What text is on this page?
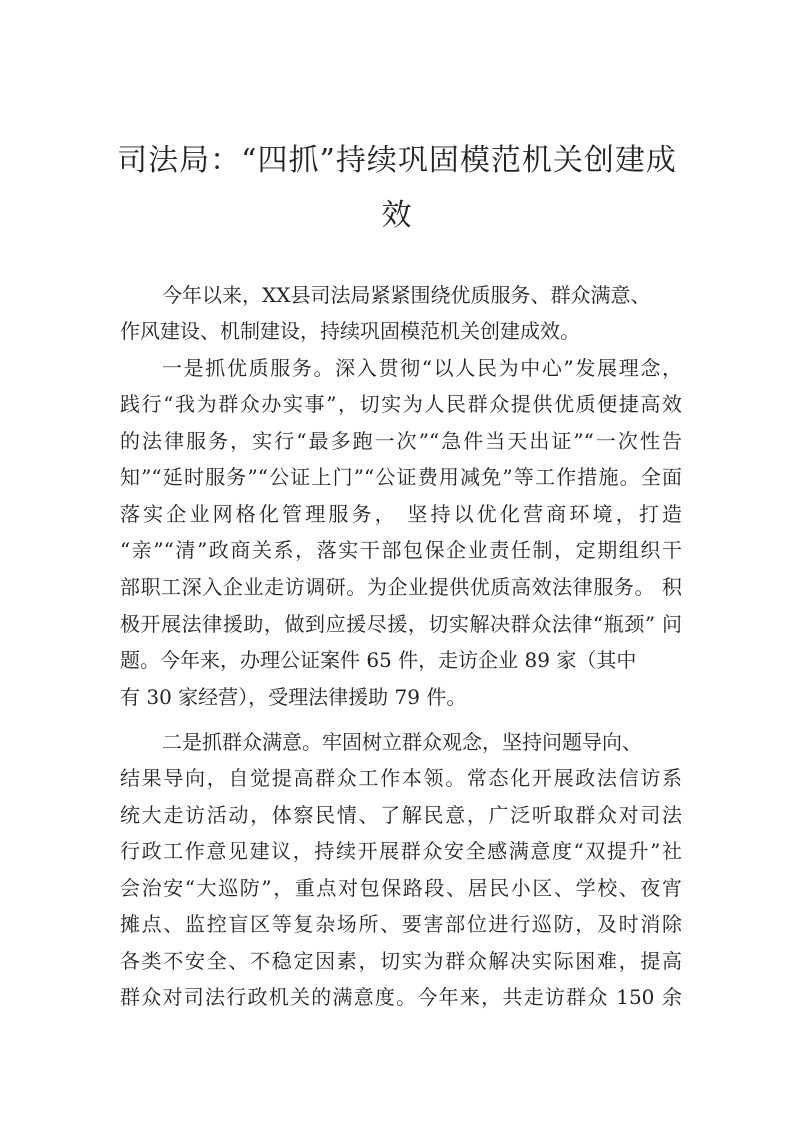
司法局：“四抓”持续巩固模范机关创建成
效
今年以来，XX县司法局紧紧围绕优质服务、群众满意、
作风建设、机制建设，持续巩固模范机关创建成效。
一是抓优质服务。深入贯彻“以人民为中心”发展理念，
践行“我为群众办实事”，切实为人民群众提供优质便捷高效
的法律服务，实行“最多跑一次”“急件当天出证”“一次性告
知”“延时服务”“公证上门”“公证费用减免”等工作措施。全面
落实企业网格化管理服务， 坚持以优化营商环境，打造
“亲”“清”政商关系，落实干部包保企业责任制，定期组织干
部职工深入企业走访调研。为企业提供优质高效法律服务。 积
极开展法律援助，做到应援尽援，切实解决群众法律“瓶颈” 问
题。今年来，办理公证案件 65 件，走访企业 89 家（其中
有 30 家经营），受理法律援助 79 件。
二是抓群众满意。牢固树立群众观念，坚持问题导向、
结果导向，自觉提高群众工作本领。常态化开展政法信访系
统大走访活动，体察民情、了解民意，广泛听取群众对司法
行政工作意见建议，持续开展群众安全感满意度“双提升”社
会治安“大巡防”，重点对包保路段、居民小区、学校、夜宵
摊点、监控盲区等复杂场所、要害部位进行巡防，及时消除
各类不安全、不稳定因素，切实为群众解决实际困难，提高
群众对司法行政机关的满意度。今年来，共走访群众 150 余
